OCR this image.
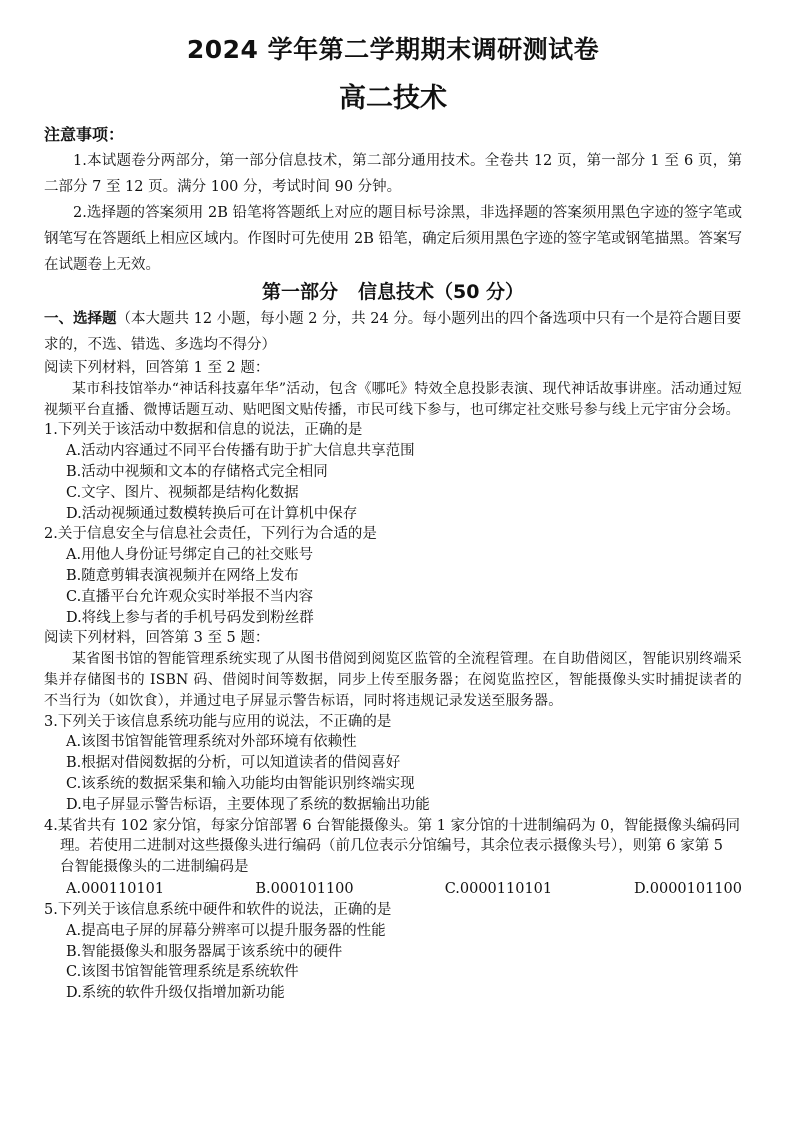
2024 学年第二学期期末调研测试卷
高二技术
注意事项：
1.本试题卷分两部分，第一部分信息技术，第二部分通用技术。全卷共 12 页，第一部分 1 至 6 页，第二部分 7 至 12 页。满分 100 分，考试时间 90 分钟。
2.选择题的答案须用 2B 铅笔将答题纸上对应的题目标号涂黑，非选择题的答案须用黑色字迹的签字笔或钢笔写在答题纸上相应区域内。作图时可先使用 2B 铅笔，确定后须用黑色字迹的签字笔或钢笔描黑。答案写在试题卷上无效。
第一部分 信息技术（50 分）
一、选择题（本大题共 12 小题，每小题 2 分，共 24 分。每小题列出的四个备选项中只有一个是符合题目要求的，不选、错选、多选均不得分）
阅读下列材料，回答第 1 至 2 题：
某市科技馆举办“神话科技嘉年华”活动，包含《哪吒》特效全息投影表演、现代神话故事讲座。活动通过短视频平台直播、微博话题互动、贴吧图文贴传播，市民可线下参与，也可绑定社交账号参与线上元宇宙分会场。
1.下列关于该活动中数据和信息的说法，正确的是
A.活动内容通过不同平台传播有助于扩大信息共享范围
B.活动中视频和文本的存储格式完全相同
C.文字、图片、视频都是结构化数据
D.活动视频通过数模转换后可在计算机中保存
2.关于信息安全与信息社会责任，下列行为合适的是
A.用他人身份证号绑定自己的社交账号
B.随意剪辑表演视频并在网络上发布
C.直播平台允许观众实时举报不当内容
D.将线上参与者的手机号码发到粉丝群
阅读下列材料，回答第 3 至 5 题：
某省图书馆的智能管理系统实现了从图书借阅到阅览区监管的全流程管理。在自助借阅区，智能识别终端采集并存储图书的 ISBN 码、借阅时间等数据，同步上传至服务器；在阅览监控区，智能摄像头实时捕捉读者的不当行为（如饮食），并通过电子屏显示警告标语，同时将违规记录发送至服务器。
3.下列关于该信息系统功能与应用的说法，不正确的是
A.该图书馆智能管理系统对外部环境有依赖性
B.根据对借阅数据的分析，可以知道读者的借阅喜好
C.该系统的数据采集和输入功能均由智能识别终端实现
D.电子屏显示警告标语，主要体现了系统的数据输出功能
4.某省共有 102 家分馆，每家分馆部署 6 台智能摄像头。第 1 家分馆的十进制编码为 0，智能摄像头编码同理。若使用二进制对这些摄像头进行编码（前几位表示分馆编号，其余位表示摄像头号），则第 6 家第 5 台智能摄像头的二进制编码是
A.000110101	B.000101100	C.0000110101	D.0000101100
5.下列关于该信息系统中硬件和软件的说法，正确的是
A.提高电子屏的屏幕分辨率可以提升服务器的性能
B.智能摄像头和服务器属于该系统中的硬件
C.该图书馆智能管理系统是系统软件
D.系统的软件升级仅指增加新功能
